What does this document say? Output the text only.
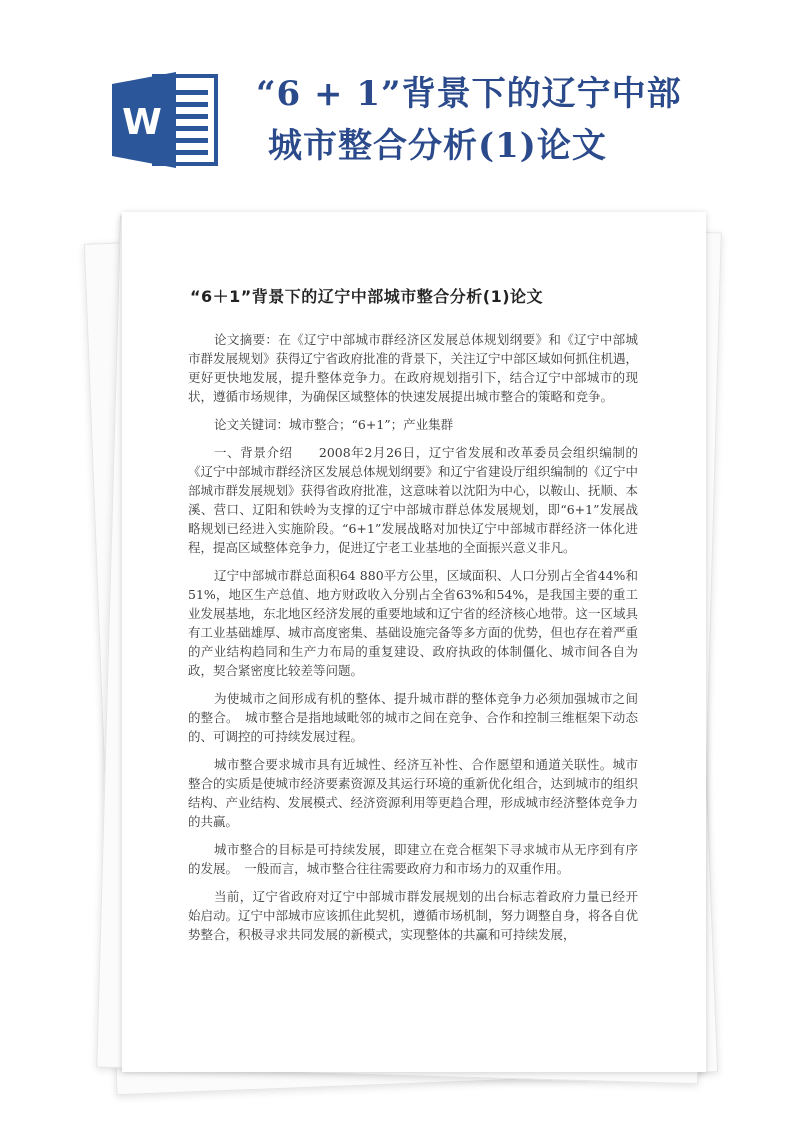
W
“6 + 1”背景下的辽宁中部
城市整合分析(1)论文
“6＋1”背景下的辽宁中部城市整合分析(1)论文

论文摘要：在《辽宁中部城市群经济区发展总体规划纲要》和《辽宁中部城市群发展规划》获得辽宁省政府批准的背景下，关注辽宁中部区域如何抓住机遇，更好更快地发展，提升整体竞争力。在政府规划指引下，结合辽宁中部城市的现状，遵循市场规律，为确保区域整体的快速发展提出城市整合的策略和竞争。

论文关键词：城市整合；“6+1”；产业集群

一、背景介绍　　2008年2月26日，辽宁省发展和改革委员会组织编制的《辽宁中部城市群经济区发展总体规划纲要》和辽宁省建设厅组织编制的《辽宁中部城市群发展规划》获得省政府批准，这意味着以沈阳为中心，以鞍山、抚顺、本溪、营口、辽阳和铁岭为支撑的辽宁中部城市群总体发展规划，即“6+1”发展战略规划已经进入实施阶段。“6+1”发展战略对加快辽宁中部城市群经济一体化进程，提高区域整体竞争力，促进辽宁老工业基地的全面振兴意义非凡。

辽宁中部城市群总面积64 880平方公里，区域面积、人口分别占全省44%和51%，地区生产总值、地方财政收入分别占全省63%和54%，是我国主要的重工业发展基地，东北地区经济发展的重要地域和辽宁省的经济核心地带。这一区域具有工业基础雄厚、城市高度密集、基础设施完备等多方面的优势，但也存在着严重的产业结构趋同和生产力布局的重复建设、政府执政的体制僵化、城市间各自为政，契合紧密度比较差等问题。

为使城市之间形成有机的整体、提升城市群的整体竞争力必须加强城市之间的整合。　城市整合是指地域毗邻的城市之间在竞争、合作和控制三维框架下动态的、可调控的可持续发展过程。

城市整合要求城市具有近城性、经济互补性、合作愿望和通道关联性。城市整合的实质是使城市经济要素资源及其运行环境的重新优化组合，达到城市的组织结构、产业结构、发展模式、经济资源利用等更趋合理，形成城市经济整体竞争力的共赢。

城市整合的目标是可持续发展，即建立在竞合框架下寻求城市从无序到有序的发展。　一般而言，城市整合往往需要政府力和市场力的双重作用。

当前，辽宁省政府对辽宁中部城市群发展规划的出台标志着政府力量已经开始启动。辽宁中部城市应该抓住此契机，遵循市场机制，努力调整自身，将各自优势整合，积极寻求共同发展的新模式，实现整体的共赢和可持续发展，
